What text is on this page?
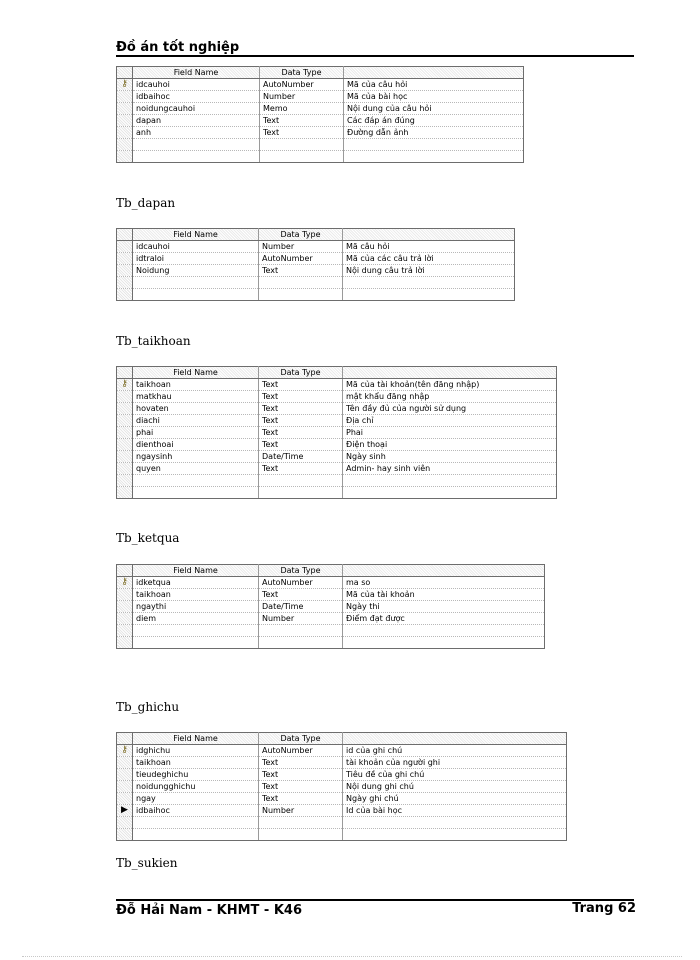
Đồ án tốt nghiệp
	Field Name	Data Type	
⚷	idcauhoi	AutoNumber	Mã của câu hỏi
	idbaihoc	Number	Mã của bài học
	noidungcauhoi	Memo	Nội dung của câu hỏi
	dapan	Text	Các đáp án đúng
	anh	Text	Đường dẫn ảnh

Tb_dapan
	Field Name	Data Type	
	idcauhoi	Number	Mã câu hỏi
	idtraloi	AutoNumber	Mã của các câu trả lời
	Noidung	Text	Nội dung câu trả lời

Tb_taikhoan
	Field Name	Data Type	
⚷	taikhoan	Text	Mã của tài khoản(tên đăng nhập)
	matkhau	Text	mật khẩu đăng nhập
	hovaten	Text	Tên đầy đủ của người sử dụng
	diachi	Text	Địa chỉ
	phai	Text	Phai
	dienthoai	Text	Điện thoại
	ngaysinh	Date/Time	Ngày sinh
	quyen	Text	Admin- hay sinh viên

Tb_ketqua
	Field Name	Data Type	
⚷	idketqua	AutoNumber	ma so
	taikhoan	Text	Mã của tài khoản
	ngaythi	Date/Time	Ngày thi
	diem	Number	Điểm đạt được

Tb_ghichu
	Field Name	Data Type	
⚷	idghichu	AutoNumber	id của ghi chú
	taikhoan	Text	tài khoản của người ghi
	tieudeghichu	Text	Tiêu đề của ghi chú
	noidungghichu	Text	Nội dung ghi chú
	ngay	Text	Ngày ghi chú
▶	idbaihoc	Number	Id của bài học

Tb_sukien
Đỗ Hải Nam - KHMT - K46	Trang 62
